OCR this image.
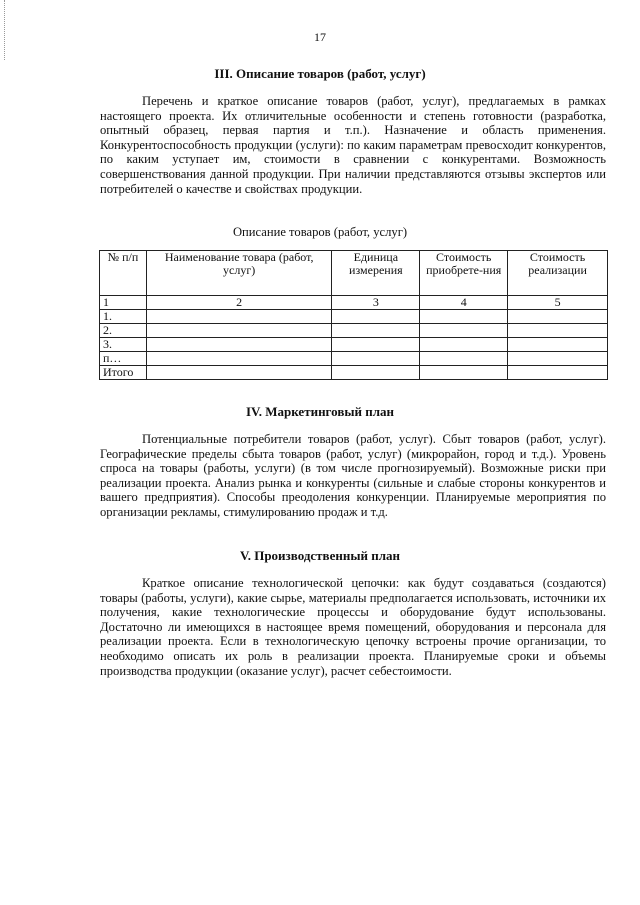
17
III. Описание товаров (работ, услуг)

Перечень и краткое описание товаров (работ, услуг), предлагаемых в рамках настоящего проекта. Их отличительные особенности и степень готовности (разработка, опытный образец, первая партия и т.п.). Назначение и область применения. Конкурентоспособность продукции (услуги): по каким параметрам превосходит конкурентов, по каким уступает им, стоимости в сравнении с конкурентами. Возможность совершенствования данной продукции. При наличии представляются отзывы экспертов или потребителей о качестве и свойствах продукции.

Описание товаров (работ, услуг)
№ п/п	Наименование товара (работ, услуг)	Единица измерения	Стоимость приобрете-ния	Стоимость реализации
1	2	3	4	5
1.				
2.				
3.				
п…				
Итого				
IV. Маркетинговый план

Потенциальные потребители товаров (работ, услуг). Сбыт товаров (работ, услуг). Географические пределы сбыта товаров (работ, услуг) (микрорайон, город и т.д.). Уровень спроса на товары (работы, услуги) (в том числе прогнозируемый). Возможные риски при реализации проекта. Анализ рынка и конкуренты (сильные и слабые стороны конкурентов и вашего предприятия). Способы преодоления конкуренции. Планируемые мероприятия по организации рекламы, стимулированию продаж и т.д.

V. Производственный план

Краткое описание технологической цепочки: как будут создаваться (создаются) товары (работы, услуги), какие сырье, материалы предполагается использовать, источники их получения, какие технологические процессы и оборудование будут использованы. Достаточно ли имеющихся в настоящее время помещений, оборудования и персонала для реализации проекта. Если в технологическую цепочку встроены прочие организации, то необходимо описать их роль в реализации проекта. Планируемые сроки и объемы производства продукции (оказание услуг), расчет себестоимости.
